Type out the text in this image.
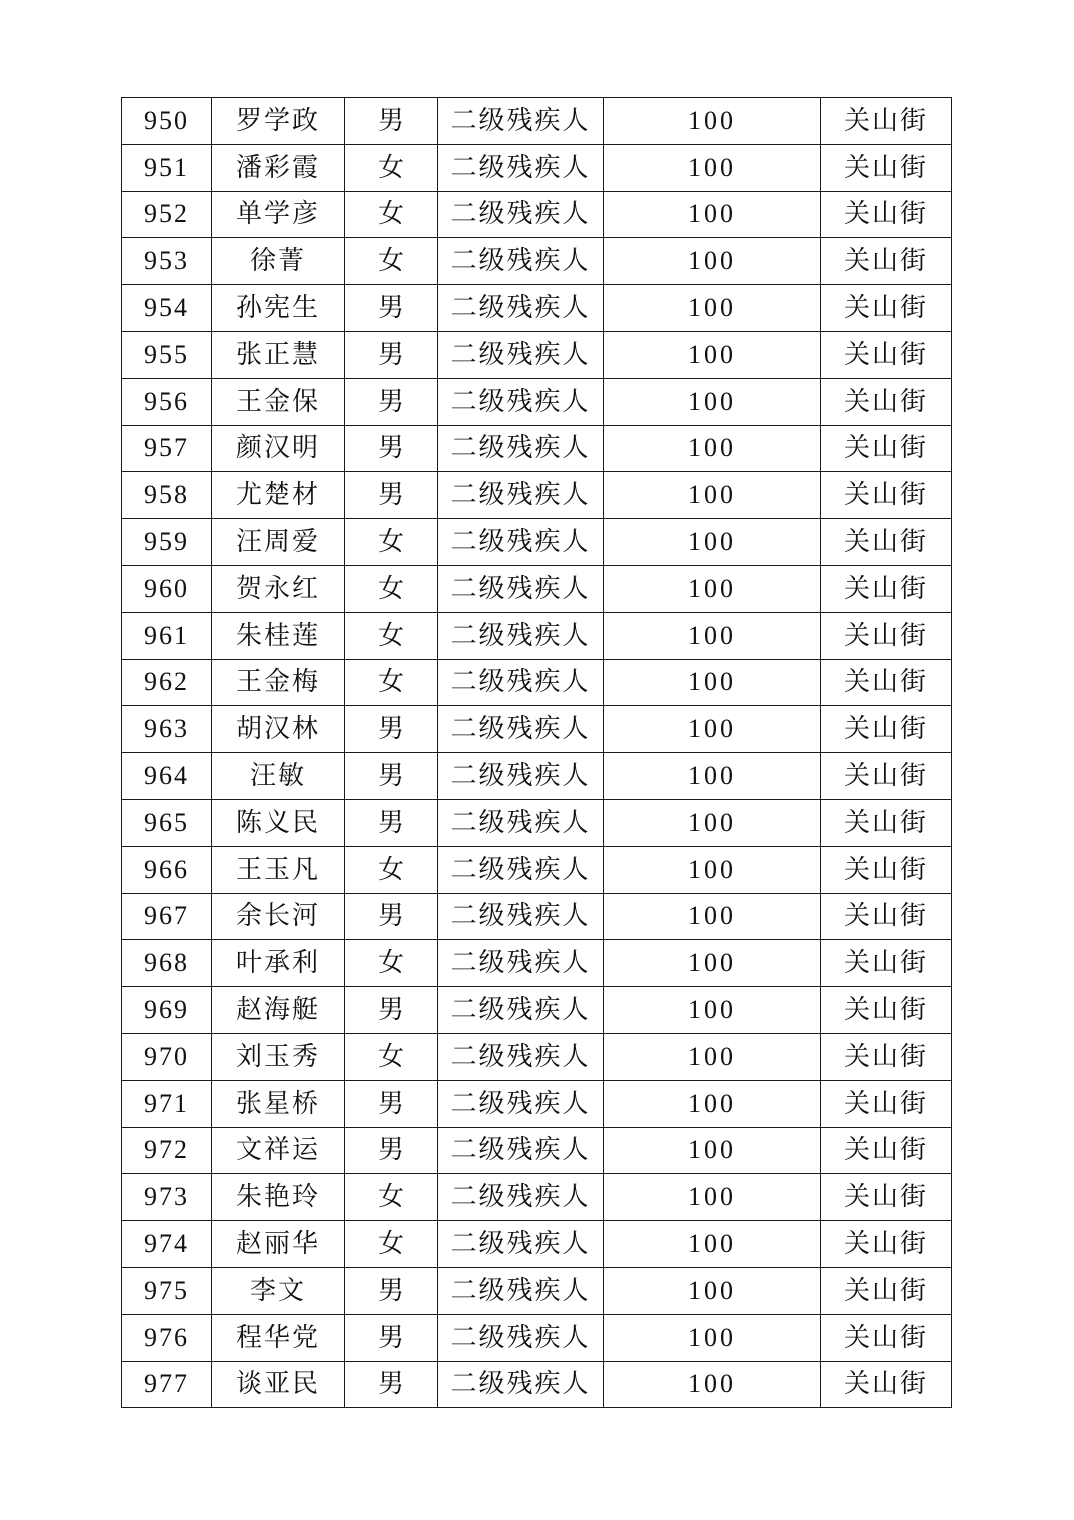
950	罗学政	男	二级残疾人	100	关山街
951	潘彩霞	女	二级残疾人	100	关山街
952	单学彦	女	二级残疾人	100	关山街
953	徐菁	女	二级残疾人	100	关山街
954	孙宪生	男	二级残疾人	100	关山街
955	张正慧	男	二级残疾人	100	关山街
956	王金保	男	二级残疾人	100	关山街
957	颜汉明	男	二级残疾人	100	关山街
958	尤楚材	男	二级残疾人	100	关山街
959	汪周爱	女	二级残疾人	100	关山街
960	贺永红	女	二级残疾人	100	关山街
961	朱桂莲	女	二级残疾人	100	关山街
962	王金梅	女	二级残疾人	100	关山街
963	胡汉林	男	二级残疾人	100	关山街
964	汪敏	男	二级残疾人	100	关山街
965	陈义民	男	二级残疾人	100	关山街
966	王玉凡	女	二级残疾人	100	关山街
967	余长河	男	二级残疾人	100	关山街
968	叶承利	女	二级残疾人	100	关山街
969	赵海艇	男	二级残疾人	100	关山街
970	刘玉秀	女	二级残疾人	100	关山街
971	张星桥	男	二级残疾人	100	关山街
972	文祥运	男	二级残疾人	100	关山街
973	朱艳玲	女	二级残疾人	100	关山街
974	赵丽华	女	二级残疾人	100	关山街
975	李文	男	二级残疾人	100	关山街
976	程华党	男	二级残疾人	100	关山街
977	谈亚民	男	二级残疾人	100	关山街
